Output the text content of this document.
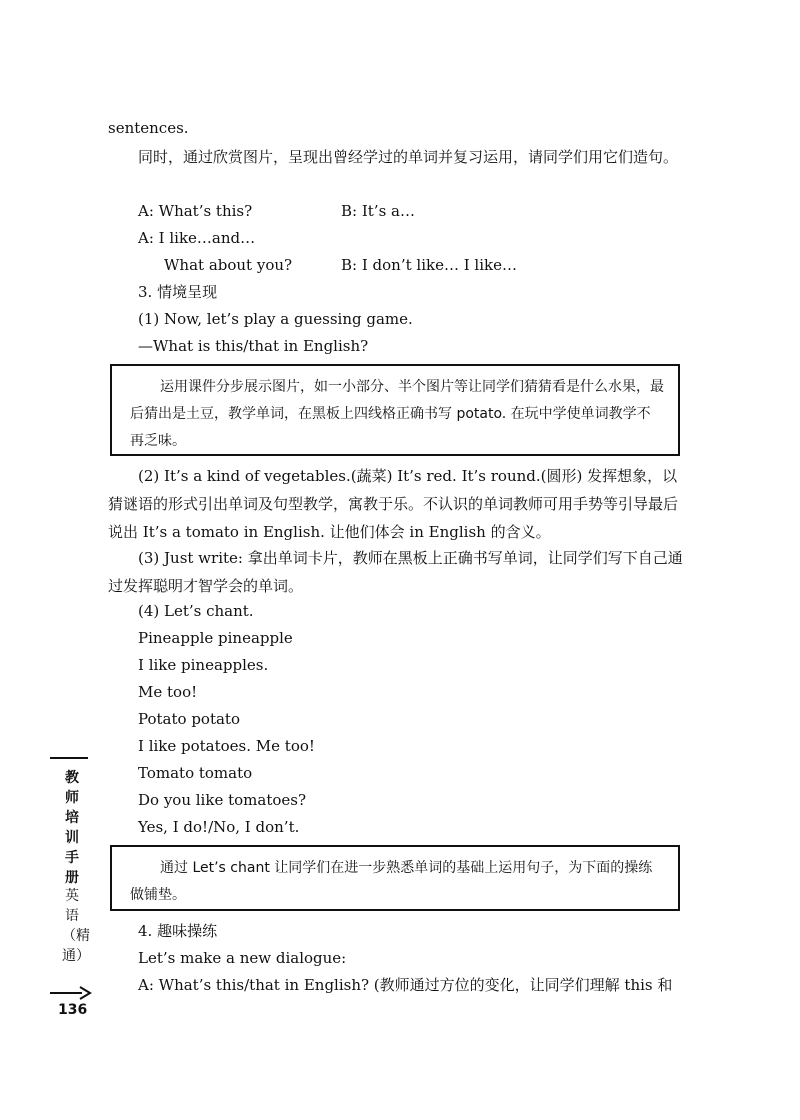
sentences.
同时，通过欣赏图片，呈现出曾经学过的单词并复习运用，请同学们用它们造句。
A: What’s this?	B: It’s a…
A: I like…and…
What about you?	B: I don’t like… I like…
3. 情境呈现
(1) Now, let’s play a guessing game.
—What is this/that in English?
运用课件分步展示图片，如一小部分、半个图片等让同学们猜猜看是什么水果，最后猜出是土豆，教学单词，在黑板上四线格正确书写 potato. 在玩中学使单词教学不再乏味。
(2) It’s a kind of vegetables.(蔬菜) It’s red. It’s round.(圆形) 发挥想象，以猜谜语的形式引出单词及句型教学，寓教于乐。不认识的单词教师可用手势等引导最后说出 It’s a tomato in English. 让他们体会 in English 的含义。
(3) Just write: 拿出单词卡片，教师在黑板上正确书写单词，让同学们写下自己通过发挥聪明才智学会的单词。
(4) Let’s chant.
Pineapple pineapple
I like pineapples.
Me too!
Potato potato
I like potatoes. Me too!
Tomato tomato
Do you like tomatoes?
Yes, I do!/No, I don’t.
通过 Let’s chant 让同学们在进一步熟悉单词的基础上运用句子，为下面的操练做铺垫。
4. 趣味操练
Let’s make a new dialogue:
A: What’s this/that in English? (教师通过方位的变化，让同学们理解 this 和
教师培训手册
英语（精通）
136
